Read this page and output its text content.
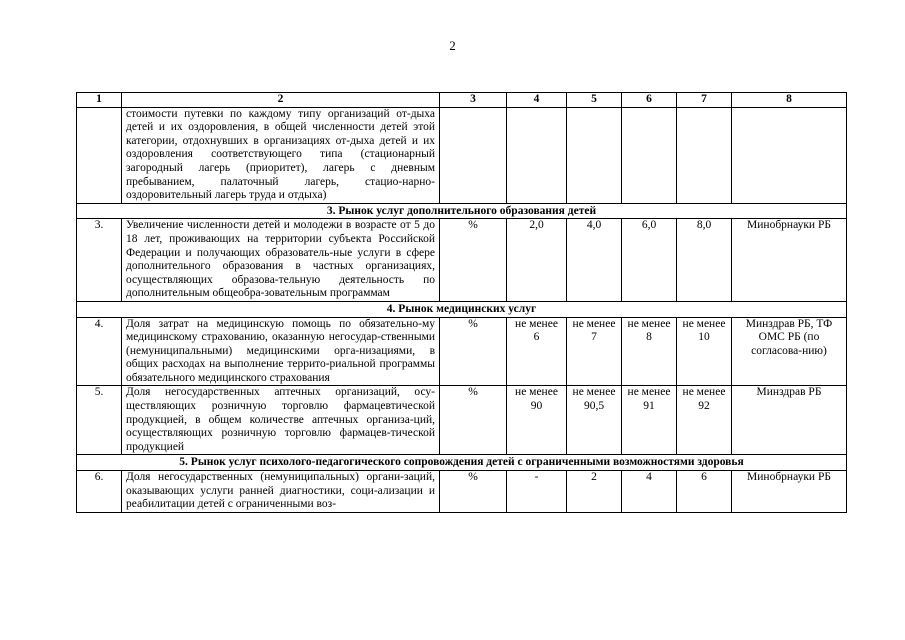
2
1	2	3	4	5	6	7	8
	стоимости путевки по каждому типу организаций от-дыха детей и их оздоровления, в общей численности детей этой категории, отдохнувших в организациях от-дыха детей и их оздоровления соответствующего типа (стационарный загородный лагерь (приоритет), лагерь с дневным пребыванием, палаточный лагерь, стацио-нарно-оздоровительный лагерь труда и отдыха)						
3. Рынок услуг дополнительного образования детей							
3.	Увеличение численности детей и молодежи в возрасте от 5 до 18 лет, проживающих на территории субъекта Российской Федерации и получающих образователь-ные услуги в сфере дополнительного образования в частных организациях, осуществляющих образова-тельную деятельность по дополнительным общеобра-зовательным программам	%	2,0	4,0	6,0	8,0	Минобрнауки РБ
4. Рынок медицинских услуг							
4.	Доля затрат на медицинскую помощь по обязательно-му медицинскому страхованию, оказанную негосудар-ственными (немуниципальными) медицинскими орга-низациями, в общих расходах на выполнение террито-риальной программы обязательного медицинского страхования	%	не менее 6	не менее 7	не менее 8	не менее 10	Минздрав РБ, ТФ ОМС РБ (по согласова-нию)
5.	Доля негосударственных аптечных организаций, осу-ществляющих розничную торговлю фармацевтической продукцией, в общем количестве аптечных организа-ций, осуществляющих розничную торговлю фармацев-тической продукцией	%	не менее 90	не менее 90,5	не менее 91	не менее 92	Минздрав РБ
5. Рынок услуг психолого-педагогического сопровождения детей с ограниченными возможностями здоровья							
6.	Доля негосударственных (немуниципальных) органи-заций, оказывающих услуги ранней диагностики, соци-ализации и реабилитации детей с ограниченными воз-	%	-	2	4	6	Минобрнауки РБ
